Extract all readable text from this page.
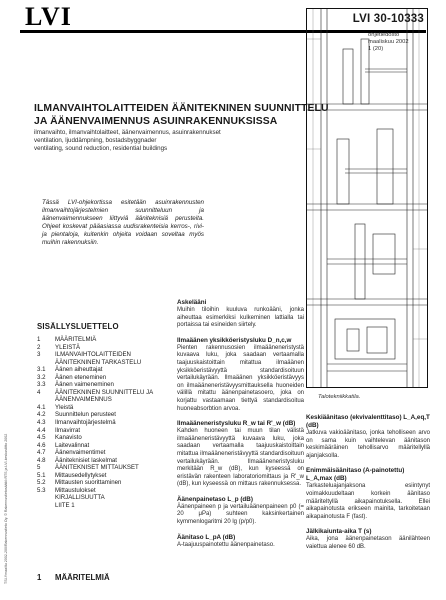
LVI	LVI 30-10333
ohjetiedosto
maaliskuu 2002
1 (20)
ILMANVAIHTOLAITTEIDEN ÄÄNITEKNINEN SUUNNITTELU
JA ÄÄNENVAIMENNUS ASUINRAKENNUKSISSA
ilmanvaihto, ilmanvaihtolaitteet, äänenvaimennus, asuinrakennukset
ventilation, ljuddämpning, bostadsbyggnader
ventilating, sound reduction, residential buildings
Tässä LVI-ohjekortissa esitetään asuinrakennusten ilmanvaihtojärjestelmien suunnitteluun ja äänenvaimennukseen liittyviä ääniteknisiä perusteita. Ohjeet koskevat pääasiassa uudisrakenteisia kerros-, rivi- ja pientaloja, kuitenkin ohjeita voidaan soveltaa myös muihin rakennuksiin.
TSI-Ymaailtu 2002-200/Rakennustieto Oy. © Rakennustietosäätiö RTS ja LVI-keskusliitto 2002
Talotekniikkatila.
SISÄLLYSLUETTELO
1	MÄÄRITELMIÄ
2	YLEISTÄ
3	ILMANVAIHTOLAITTEIDEN ÄÄNITEKNINEN TARKASTELU
3.1	Äänen aiheuttajat
3.2	Äänen eteneminen
3.3	Äänen vaimeneminen
4	ÄÄNITEKNINEN SUUNNITTELU JA ÄÄNENVAIMENNUS
4.1	Yleistä
4.2	Suunnittelun perusteet
4.3	Ilmanvaihtojärjestelmä
4.4	Ilmavirrat
4.5	Kanavisto
4.6	Laitevalinnat
4.7	Äänenvaimentimet
4.8	Ääniteknisiet laskelmat
5	ÄÄNITEKNISET MITTAUKSET
5.1	Mittausedellytykset
5.2	Mittausten suorittaminen
5.3	Mittaustulokset
KIRJALLISUUTTA
LIITE 1
1 MÄÄRITELMIÄ
Askelääni
Muihin tiloihin kuuluva runkoääni, jonka aiheuttaa esimerkiksi kulkeminen lattialla tai portaissa tai esineiden siirtely.
Ilmaäänen yksikköeristysluku D_n,c,w
Pienten rakennusosien ilmaääneneristystä kuvaava luku, joka saadaan vertaamalla taajuuskaistoittain mitattua ilmaäänen yksikköeristävyyttä standardisoituun vertailukäyrään. Ilmaäänen yksikköeristävyys on ilmaääneneristävyysmittauksella huoneiden välillä mitattu äänenpainetasoero, joka on korjattu vastaamaan tiettyä standardisoitua huoneabsorbtion arvoa.
Ilmaääneneristysluku R_w tai R'_w (dB)
Kahden huoneen tai muun tilan välistä ilmaääneneristävyyttä kuvaava luku, joka saadaan vertaamalla taajuuskaistoittain mitattua ilmaääneneristävyyttä standardisoituun vertailukäyrään. Ilmaääneneristysluku merkitään R_w (dB), kun kyseessä on eristävän rakenteen laboratoriomittaus ja R'_w (dB), kun kyseessä on mittaus rakennuksessa.
Äänenpainetaso L_p (dB)
Äänenpaineen p ja vertailuäänenpaineen p0 (= 20 μPa) suhteen kaksinkertainen kymmenlogaritmi 20 lg (p/p0).
Äänitaso L_pA (dB)
A-taajuuspainotettu äänenpainetaso.
Keskiäänitaso (ekvivalenttitaso) L_A,eq,T (dB)
Jatkuva vakioäänitaso, jonka teholliseen arvo on sama kuin vaihtelevan äänitason keskimääräinen tehollisarvo määritellyllä ajanjaksolla.
Enimmäisäänitaso (A-painotettu) L_A,max (dB)
Tarkasteluajanjaksona esiintynyt voimakkuudeltaan korkein äänitaso määriteltyllä aikapainotuksella. Ellei aikapainotusta erikseen mainita, tarkoitetaan aikapainotusta F (fast).
Jälkikaiunta-aika T (s)
Aika, jona äänenpainetason äänilähteen vaiettua alenee 60 dB.
